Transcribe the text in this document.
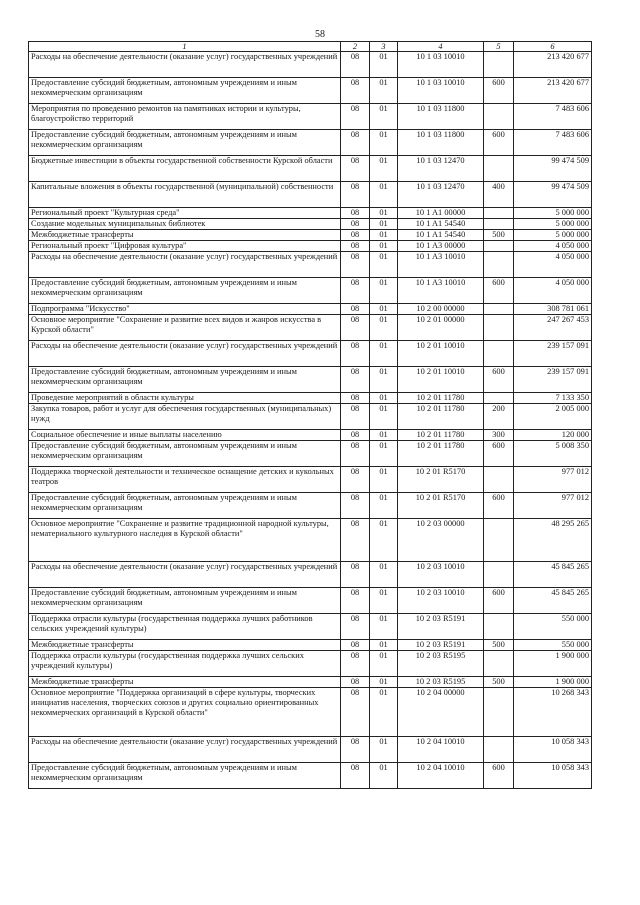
58
1	2	3	4	5	6
Расходы на обеспечение деятельности (оказание услуг) государственных учреждений	08	01	10 1 03 10010		213 420 677
Предоставление субсидий бюджетным, автономным учреждениям и иным некоммерческим организациям	08	01	10 1 03 10010	600	213 420 677
Мероприятия по проведению ремонтов на памятниках истории и культуры, благоустройство территорий	08	01	10 1 03 11800		7 483 606
Предоставление субсидий бюджетным, автономным учреждениям и иным некоммерческим организациям	08	01	10 1 03 11800	600	7 483 606
Бюджетные инвестиции в объекты государственной собственности Курской области	08	01	10 1 03 12470		99 474 509
Капитальные вложения в объекты государственной (муниципальной) собственности	08	01	10 1 03 12470	400	99 474 509
Региональный проект "Культурная среда"	08	01	10 1 A1 00000		5 000 000
Создание модельных муниципальных библиотек	08	01	10 1 A1 54540		5 000 000
Межбюджетные трансферты	08	01	10 1 A1 54540	500	5 000 000
Региональный проект "Цифровая культура"	08	01	10 1 A3 00000		4 050 000
Расходы на обеспечение деятельности (оказание услуг) государственных учреждений	08	01	10 1 A3 10010		4 050 000
Предоставление субсидий бюджетным, автономным учреждениям и иным некоммерческим организациям	08	01	10 1 A3 10010	600	4 050 000
Подпрограмма "Искусство"	08	01	10 2 00 00000		308 781 061
Основное мероприятие "Сохранение и развитие всех видов и жанров искусства в Курской области"	08	01	10 2 01 00000		247 267 453
Расходы на обеспечение деятельности (оказание услуг) государственных учреждений	08	01	10 2 01 10010		239 157 091
Предоставление субсидий бюджетным, автономным учреждениям и иным некоммерческим организациям	08	01	10 2 01 10010	600	239 157 091
Проведение мероприятий в области культуры	08	01	10 2 01 11780		7 133 350
Закупка товаров, работ и услуг для обеспечения государственных (муниципальных) нужд	08	01	10 2 01 11780	200	2 005 000
Социальное обеспечение и иные выплаты населению	08	01	10 2 01 11780	300	120 000
Предоставление субсидий бюджетным, автономным учреждениям и иным некоммерческим организациям	08	01	10 2 01 11780	600	5 008 350
Поддержка творческой деятельности и техническое оснащение детских и кукольных театров	08	01	10 2 01 R5170		977 012
Предоставление субсидий бюджетным, автономным учреждениям и иным некоммерческим организациям	08	01	10 2 01 R5170	600	977 012
Основное мероприятие "Сохранение и развитие традиционной народной культуры, нематериального культурного наследия в Курской области"	08	01	10 2 03 00000		48 295 265
Расходы на обеспечение деятельности (оказание услуг) государственных учреждений	08	01	10 2 03 10010		45 845 265
Предоставление субсидий бюджетным, автономным учреждениям и иным некоммерческим организациям	08	01	10 2 03 10010	600	45 845 265
Поддержка отрасли культуры (государственная поддержка лучших работников сельских учреждений культуры)	08	01	10 2 03 R5191		550 000
Межбюджетные трансферты	08	01	10 2 03 R5191	500	550 000
Поддержка отрасли культуры (государственная поддержка лучших сельских учреждений культуры)	08	01	10 2 03 R5195		1 900 000
Межбюджетные трансферты	08	01	10 2 03 R5195	500	1 900 000
Основное мероприятие "Поддержка организаций в сфере культуры, творческих инициатив населения, творческих союзов и других социально ориентированных некоммерческих организаций в Курской области"	08	01	10 2 04 00000		10 268 343
Расходы на обеспечение деятельности (оказание услуг) государственных учреждений	08	01	10 2 04 10010		10 058 343
Предоставление субсидий бюджетным, автономным учреждениям и иным некоммерческим организациям	08	01	10 2 04 10010	600	10 058 343
